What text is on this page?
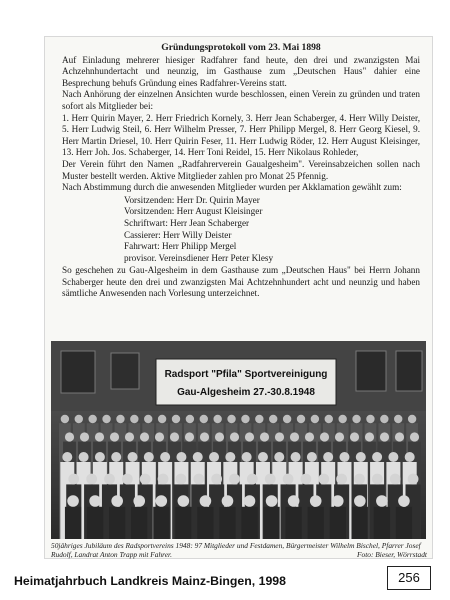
Gründungsprotokoll vom 23. Mai 1898

Auf Einladung mehrerer hiesiger Radfahrer fand heute, den drei und zwanzigsten Mai Achzehnhundertacht und neunzig, im Gasthause zum „Deutschen Haus" dahier eine Besprechung behufs Gründung eines Radfahrer-Vereins statt.

Nach Anhörung der einzelnen Ansichten wurde beschlossen, einen Verein zu gründen und traten sofort als Mitglieder bei:

1. Herr Quirin Mayer, 2. Herr Friedrich Kornely, 3. Herr Jean Schaberger, 4. Herr Willy Deister, 5. Herr Ludwig Steil, 6. Herr Wilhelm Presser, 7. Herr Philipp Mergel, 8. Herr Georg Kiesel, 9. Herr Martin Driesel, 10. Herr Quirin Feser, 11. Herr Ludwig Röder, 12. Herr August Kleisinger, 13. Herr Joh. Jos. Schaberger, 14. Herr Toni Reidel, 15. Herr Nikolaus Rohleder,

Der Verein führt den Namen „Radfahrerverein Gaualgesheim". Vereinsabzeichen sollen nach Muster bestellt werden. Aktive Mitglieder zahlen pro Monat 25 Pfennig.

Nach Abstimmung durch die anwesenden Mitglieder wurden per Akklamation gewählt zum:

Vorsitzenden: Herr Dr. Quirin Mayer
Vorsitzenden: Herr August Kleisinger
Schriftwart: Herr Jean Schaberger
Cassierer: Herr Willy Deister
Fahrwart: Herr Philipp Mergel
provisor. Vereinsdiener Herr Peter Klesy

So geschehen zu Gau-Algesheim in dem Gasthause zum „Deutschen Haus" bei Herrn Johann Schaberger heute den drei und zwanzigsten Mai Achtzehnhundert acht und neunzig und haben sämtliche Anwesenden nach Vorlesung unterzeichnet.

Radsport "Pfila" Sportvereinigung
Gau-Algesheim 27.-30.8.1948
50jähriges Jubiläum des Radsportvereins 1948: 97 Mitglieder und Festdamen, Bürgermeister Wilhelm Bischel, Pfarrer Josef Rudolf, Landrat Anton Trapp mit Fahrer.	Foto: Bieser, Wörrstadt
Heimatjahrbuch Landkreis Mainz-Bingen, 1998	256
